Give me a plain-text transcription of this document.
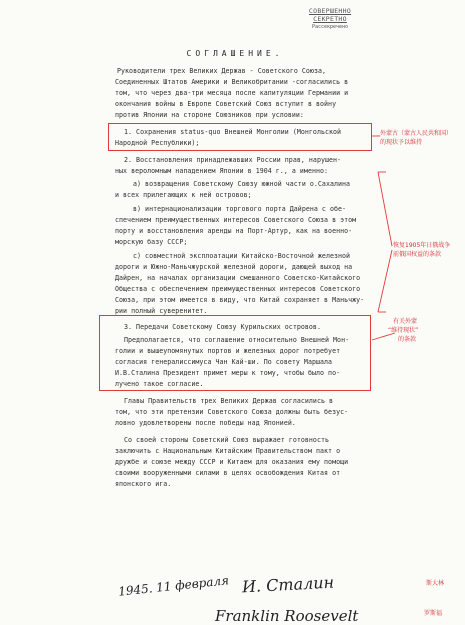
СОВЕРШЕННО СЕКРЕТНО
Рассекречено
СОГЛАШЕНИЕ.
Руководители трех Великих Держав - Советского Союза,
Соединенных Штатов Америки и Великобритании -согласились в
том, что через два-три месяца после капитуляции Германии и
окончания войны в Европе Советский Союз вступит в войну
против Японии на стороне Союзников при условии:
1. Сохранения status-quo Внешней Монголии (Монгольской
Народной Республики);
2. Восстановления принадлежавших России прав, нарушен-
ных вероломным нападением Японии в 1904 г., а именно:
а) возвращения Советскому Союзу южной части о.Сахалина
и всех прилегающих к ней островов;
в) интернационализации торгового порта Дайрена с обе-
спечением преимущественных интересов Советского Союза в этом
порту и восстановления аренды на Порт-Артур, как на военно-
морскую базу СССР;
с) совместной эксплоатации Китайско-Восточной железной
дороги и Южно-Маньчжурской железной дороги, дающей выход на
Дайрен, на началах организации смешанного Советско-Китайского
Общества с обеспечением преимущественных интересов Советского
Союза, при этом имеется в виду, что Китай сохраняет в Маньчжу-
рии полный суверенитет.
3. Передачи Советскому Союзу Курильских островов.
Предполагается, что соглашение относительно Внешней Мон-
голии и вышеупомянутых портов и железных дорог потребует
согласия генералиссимуса Чан Кай-ши. По совету Маршала
И.В.Сталина Президент примет меры к тому, чтобы было по-
лучено такое согласие.
Главы Правительств трех Великих Держав согласились в
том, что эти претензии Советского Союза должны быть безус-
ловно удовлетворены после победы над Японией.
Со своей стороны Советский Союз выражает готовность
заключить с Национальным Китайским Правительством пакт о
дружбе и союзе между СССР и Китаем для оказания ему помощи
своими вооруженными силами в целях освобождения Китая от
японского ига.
外蒙古（蒙古人民共和国）
的现状予以维持
恢复1905年日俄战争
前俄国权益的条款
有关外蒙
“维持现状”
的条款
斯大林
罗斯福
1945. 11 февраля И. Сталин
Franklin Roosevelt
